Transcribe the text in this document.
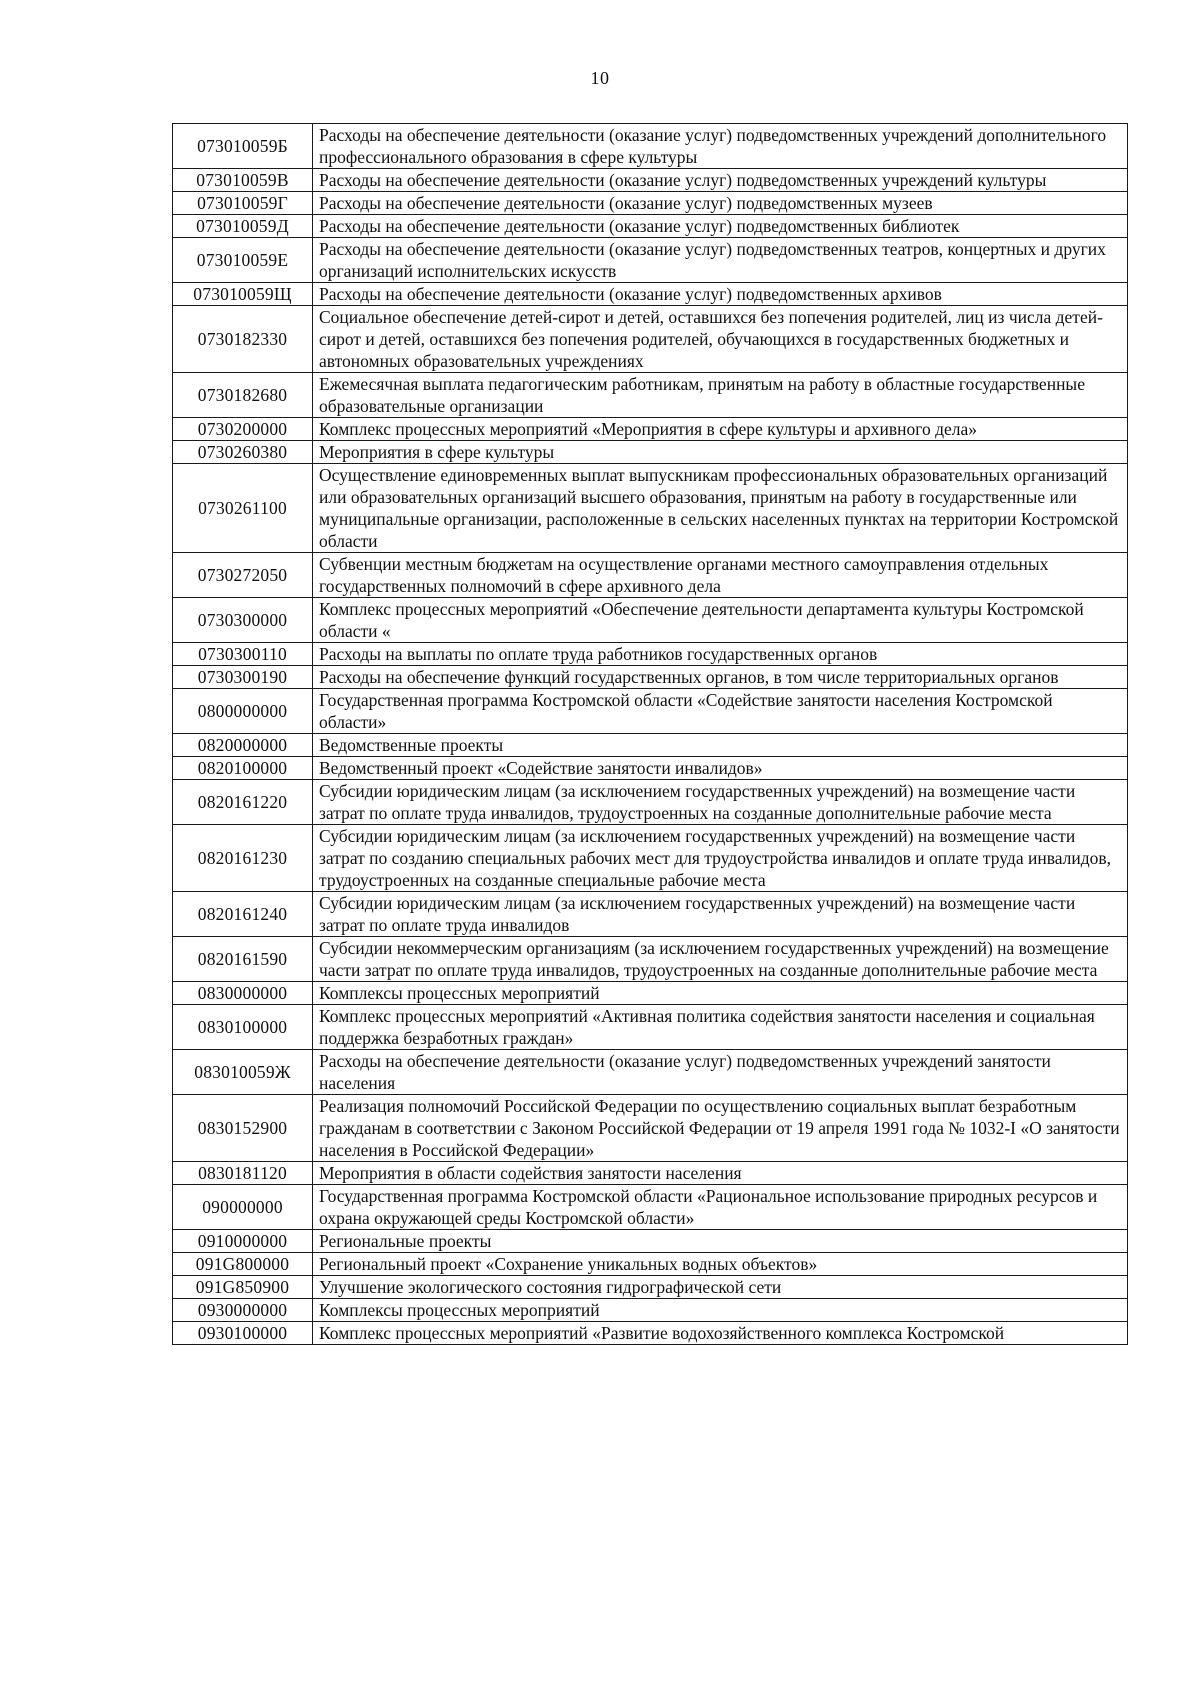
10
073010059Б	Расходы на обеспечение деятельности (оказание услуг) подведомственных учреждений дополнительного профессионального образования в сфере культуры
073010059В	Расходы на обеспечение деятельности (оказание услуг) подведомственных учреждений культуры
073010059Г	Расходы на обеспечение деятельности (оказание услуг) подведомственных музеев
073010059Д	Расходы на обеспечение деятельности (оказание услуг) подведомственных библиотек
073010059Е	Расходы на обеспечение деятельности (оказание услуг) подведомственных театров, концертных и других организаций исполнительских искусств
073010059Щ	Расходы на обеспечение деятельности (оказание услуг) подведомственных архивов
0730182330	Социальное обеспечение детей-сирот и детей, оставшихся без попечения родителей, лиц из числа детей-сирот и детей, оставшихся без попечения родителей, обучающихся в государственных бюджетных и автономных образовательных учреждениях
0730182680	Ежемесячная выплата педагогическим работникам, принятым на работу в областные государственные образовательные организации
0730200000	Комплекс процессных мероприятий «Мероприятия в сфере культуры и архивного дела»
0730260380	Мероприятия в сфере культуры
0730261100	Осуществление единовременных выплат выпускникам профессиональных образовательных организаций или образовательных организаций высшего образования, принятым на работу в государственные или муниципальные организации, расположенные в сельских населенных пунктах на территории Костромской области
0730272050	Субвенции местным бюджетам на осуществление органами местного самоуправления отдельных государственных полномочий в сфере архивного дела
0730300000	Комплекс процессных мероприятий «Обеспечение деятельности департамента культуры Костромской области «
0730300110	Расходы на выплаты по оплате труда работников государственных органов
0730300190	Расходы на обеспечение функций государственных органов, в том числе территориальных органов
0800000000	Государственная программа Костромской области «Содействие занятости населения Костромской области»
0820000000	Ведомственные проекты
0820100000	Ведомственный проект «Содействие занятости инвалидов»
0820161220	Субсидии юридическим лицам (за исключением государственных учреждений) на возмещение части затрат по оплате труда инвалидов, трудоустроенных на созданные дополнительные рабочие места
0820161230	Субсидии юридическим лицам (за исключением государственных учреждений) на возмещение части затрат по созданию специальных рабочих мест для трудоустройства инвалидов и оплате труда инвалидов, трудоустроенных на созданные специальные рабочие места
0820161240	Субсидии юридическим лицам (за исключением государственных учреждений) на возмещение части затрат по оплате труда инвалидов
0820161590	Субсидии некоммерческим организациям (за исключением государственных учреждений) на возмещение части затрат по оплате труда инвалидов, трудоустроенных на созданные дополнительные рабочие места
0830000000	Комплексы процессных мероприятий
0830100000	Комплекс процессных мероприятий «Активная политика содействия занятости населения и социальная поддержка безработных граждан»
083010059Ж	Расходы на обеспечение деятельности (оказание услуг) подведомственных учреждений занятости населения
0830152900	Реализация полномочий Российской Федерации по осуществлению социальных выплат безработным гражданам в соответствии с Законом Российской Федерации от 19 апреля 1991 года № 1032-I «О занятости населения в Российской Федерации»
0830181120	Мероприятия в области содействия занятости населения
090000000	Государственная программа Костромской области «Рациональное использование природных ресурсов и охрана окружающей среды Костромской области»
0910000000	Региональные проекты
091G800000	Региональный проект «Сохранение уникальных водных объектов»
091G850900	Улучшение экологического состояния гидрографической сети
0930000000	Комплексы процессных мероприятий
0930100000	Комплекс процессных мероприятий «Развитие водохозяйственного комплекса Костромской
